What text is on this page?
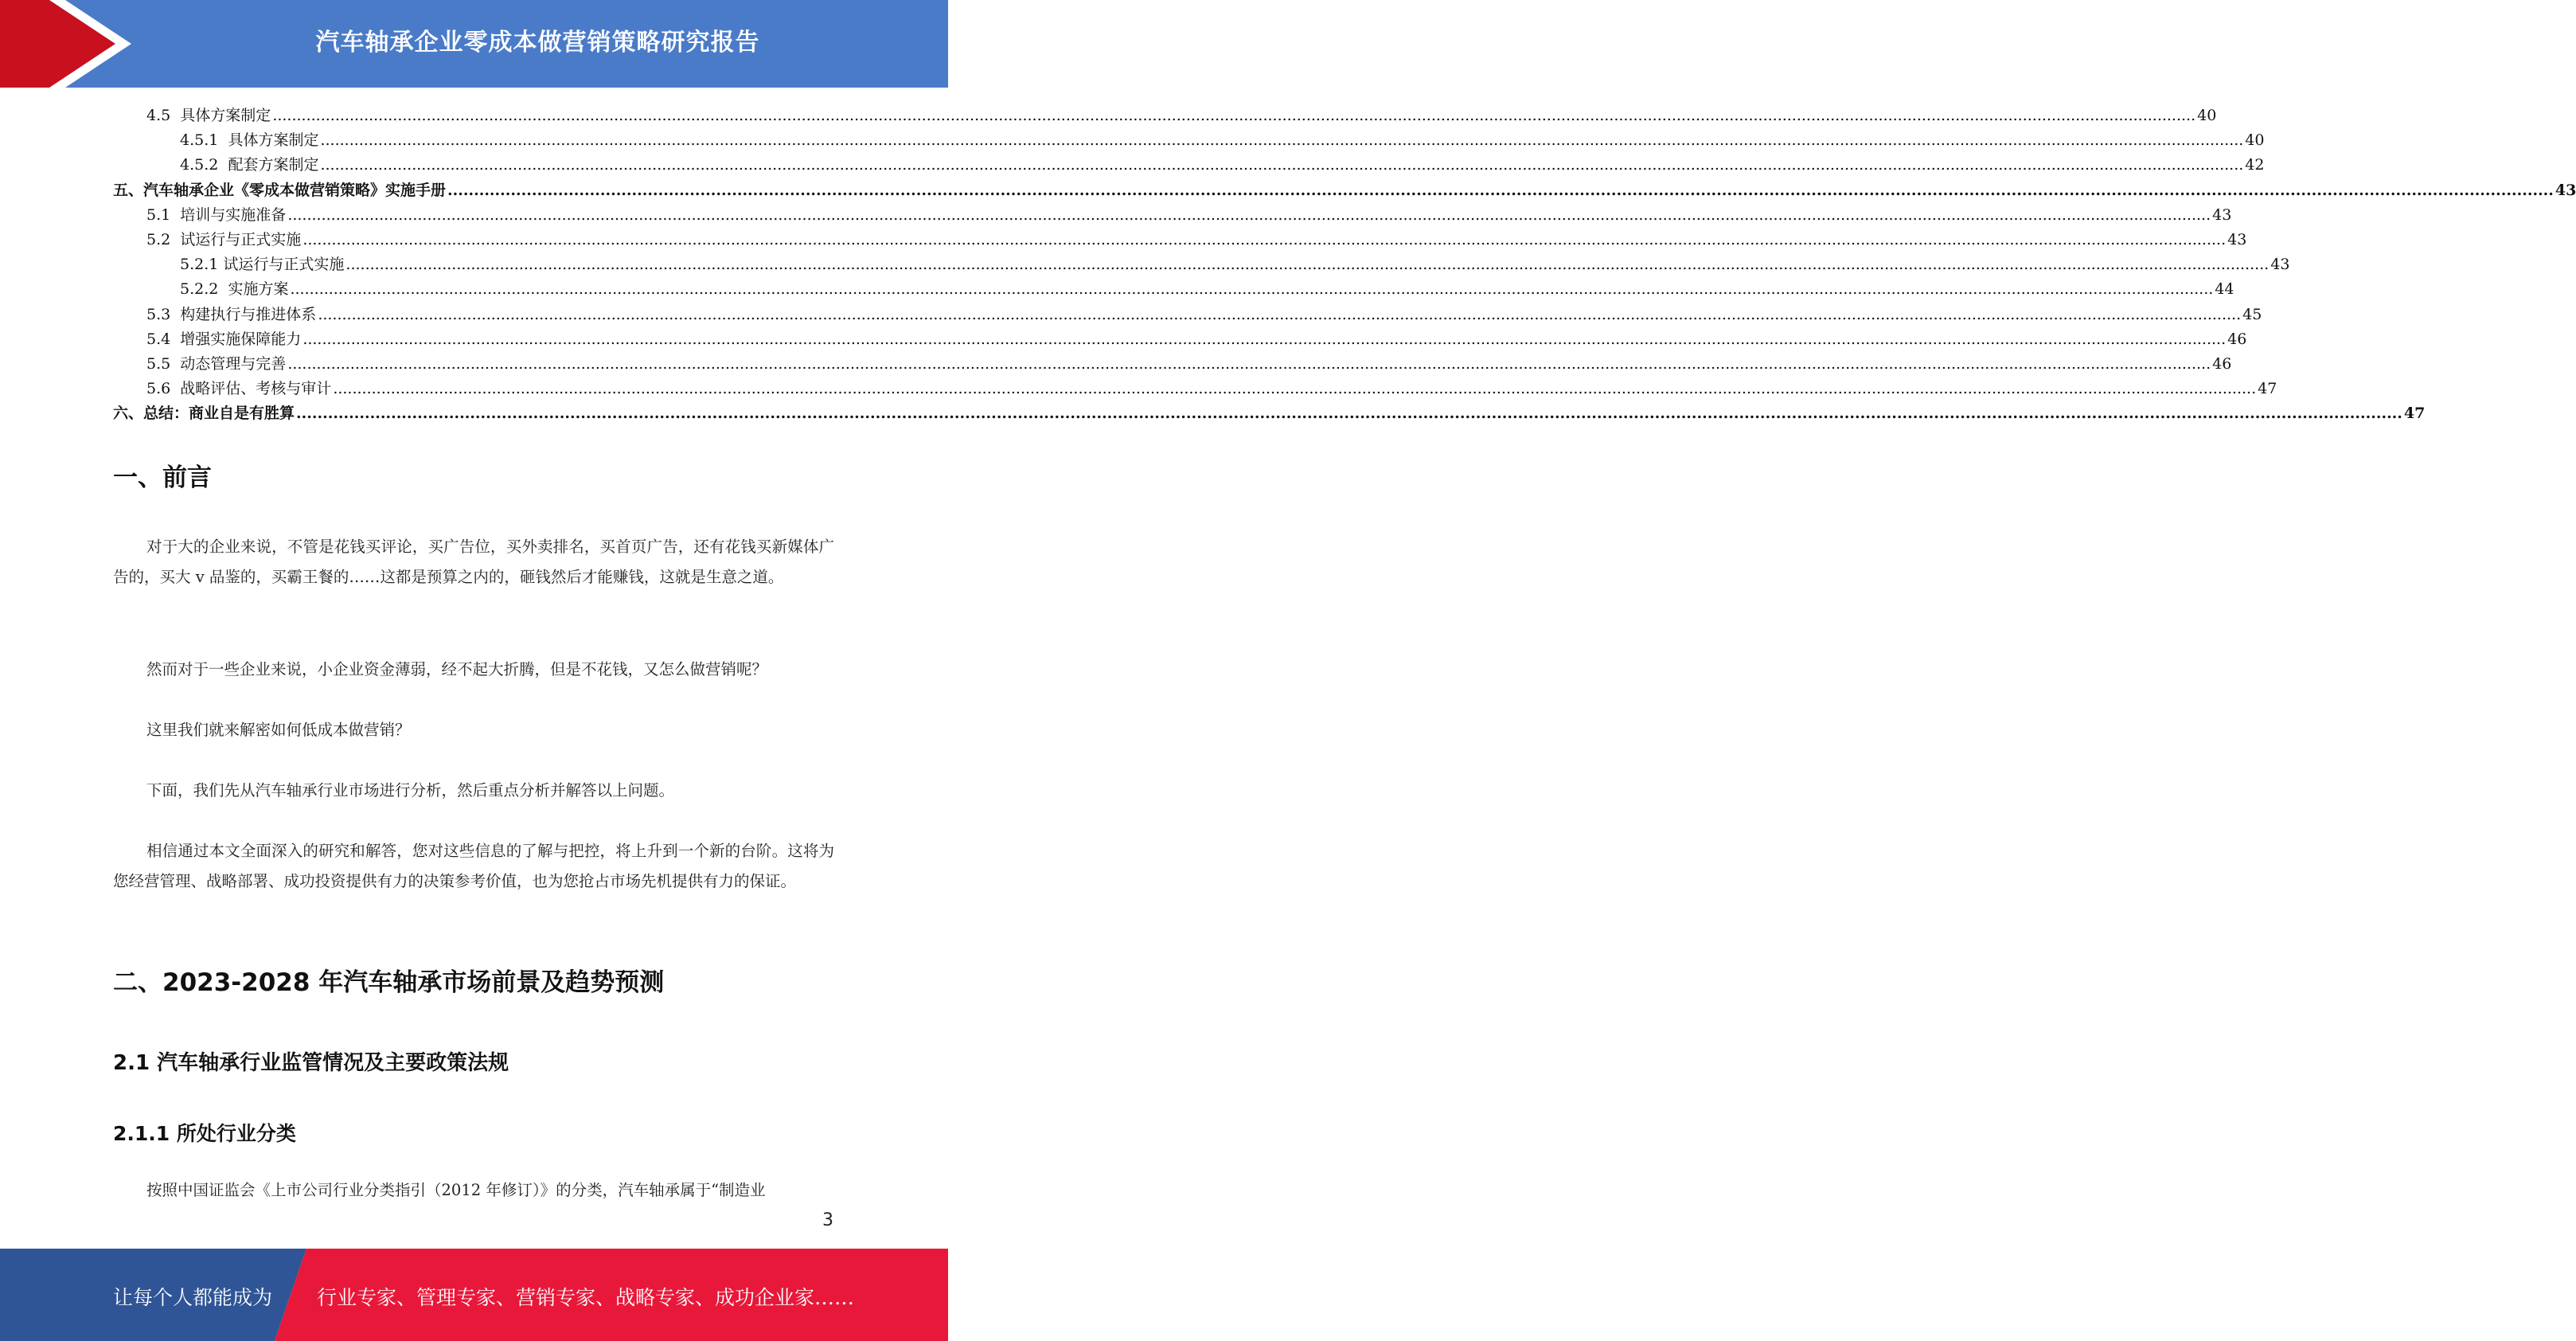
汽车轴承企业零成本做营销策略研究报告
4.5 具体方案制定 ................................................................................................................................................................................................................................................................................................................................................................................................................ 40
4.5.1 具体方案制定 ................................................................................................................................................................................................................................................................................................................................................................................................................ 40
4.5.2 配套方案制定 ................................................................................................................................................................................................................................................................................................................................................................................................................ 42
五、汽车轴承企业《零成本做营销策略》实施手册 ................................................................................................................................................................................................................................................................................................................................................................................................................ 43
5.1 培训与实施准备 ................................................................................................................................................................................................................................................................................................................................................................................................................ 43
5.2 试运行与正式实施 ................................................................................................................................................................................................................................................................................................................................................................................................................ 43
5.2.1 试运行与正式实施 ................................................................................................................................................................................................................................................................................................................................................................................................................ 43
5.2.2 实施方案 ................................................................................................................................................................................................................................................................................................................................................................................................................ 44
5.3 构建执行与推进体系 ................................................................................................................................................................................................................................................................................................................................................................................................................ 45
5.4 增强实施保障能力 ................................................................................................................................................................................................................................................................................................................................................................................................................ 46
5.5 动态管理与完善 ................................................................................................................................................................................................................................................................................................................................................................................................................ 46
5.6 战略评估、考核与审计 ................................................................................................................................................................................................................................................................................................................................................................................................................ 47
六、总结：商业自是有胜算 ................................................................................................................................................................................................................................................................................................................................................................................................................ 47
一、前言
对于大的企业来说，不管是花钱买评论，买广告位，买外卖排名，买首页广告，还有花钱买新媒体广告的，买大 v 品鉴的，买霸王餐的……这都是预算之内的，砸钱然后才能赚钱，这就是生意之道。
然而对于一些企业来说，小企业资金薄弱，经不起大折腾，但是不花钱，又怎么做营销呢？
这里我们就来解密如何低成本做营销？
下面，我们先从汽车轴承行业市场进行分析，然后重点分析并解答以上问题。
相信通过本文全面深入的研究和解答，您对这些信息的了解与把控，将上升到一个新的台阶。这将为您经营管理、战略部署、成功投资提供有力的决策参考价值，也为您抢占市场先机提供有力的保证。
二、2023-2028 年汽车轴承市场前景及趋势预测
2.1 汽车轴承行业监管情况及主要政策法规
2.1.1 所处行业分类
按照中国证监会《上市公司行业分类指引（2012 年修订）》的分类，汽车轴承属于“制造业
3
让每个人都能成为 行业专家、管理专家、营销专家、战略专家、成功企业家……
